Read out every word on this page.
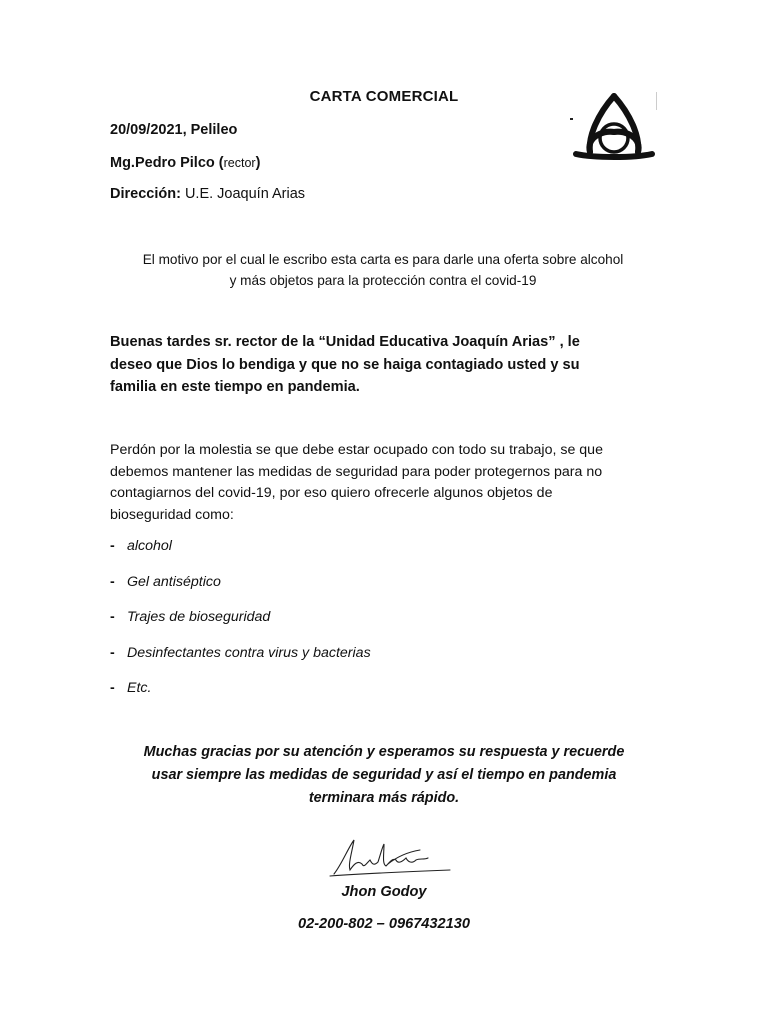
CARTA COMERCIAL
20/09/2021, Pelileo
Mg.Pedro Pilco (rector)
Dirección: U.E. Joaquín Arias
El motivo por el cual le escribo esta carta es para darle una oferta sobre alcohol
y más objetos para la protección contra el covid-19
Buenas tardes sr. rector de la “Unidad Educativa Joaquín Arias” , le
deseo que Dios lo bendiga y que no se haiga contagiado usted y su
familia en este tiempo en pandemia.
Perdón por la molestia se que debe estar ocupado con todo su trabajo, se que
debemos mantener las medidas de seguridad para poder protegernos para no
contagiarnos del covid-19, por eso quiero ofrecerle algunos objetos de
bioseguridad como:
- alcohol
- Gel antiséptico
- Trajes de bioseguridad
- Desinfectantes contra virus y bacterias
- Etc.
Muchas gracias por su atención y esperamos su respuesta y recuerde
usar siempre las medidas de seguridad y así el tiempo en pandemia
terminara más rápido.
Jhon Godoy
02-200-802 – 0967432130
